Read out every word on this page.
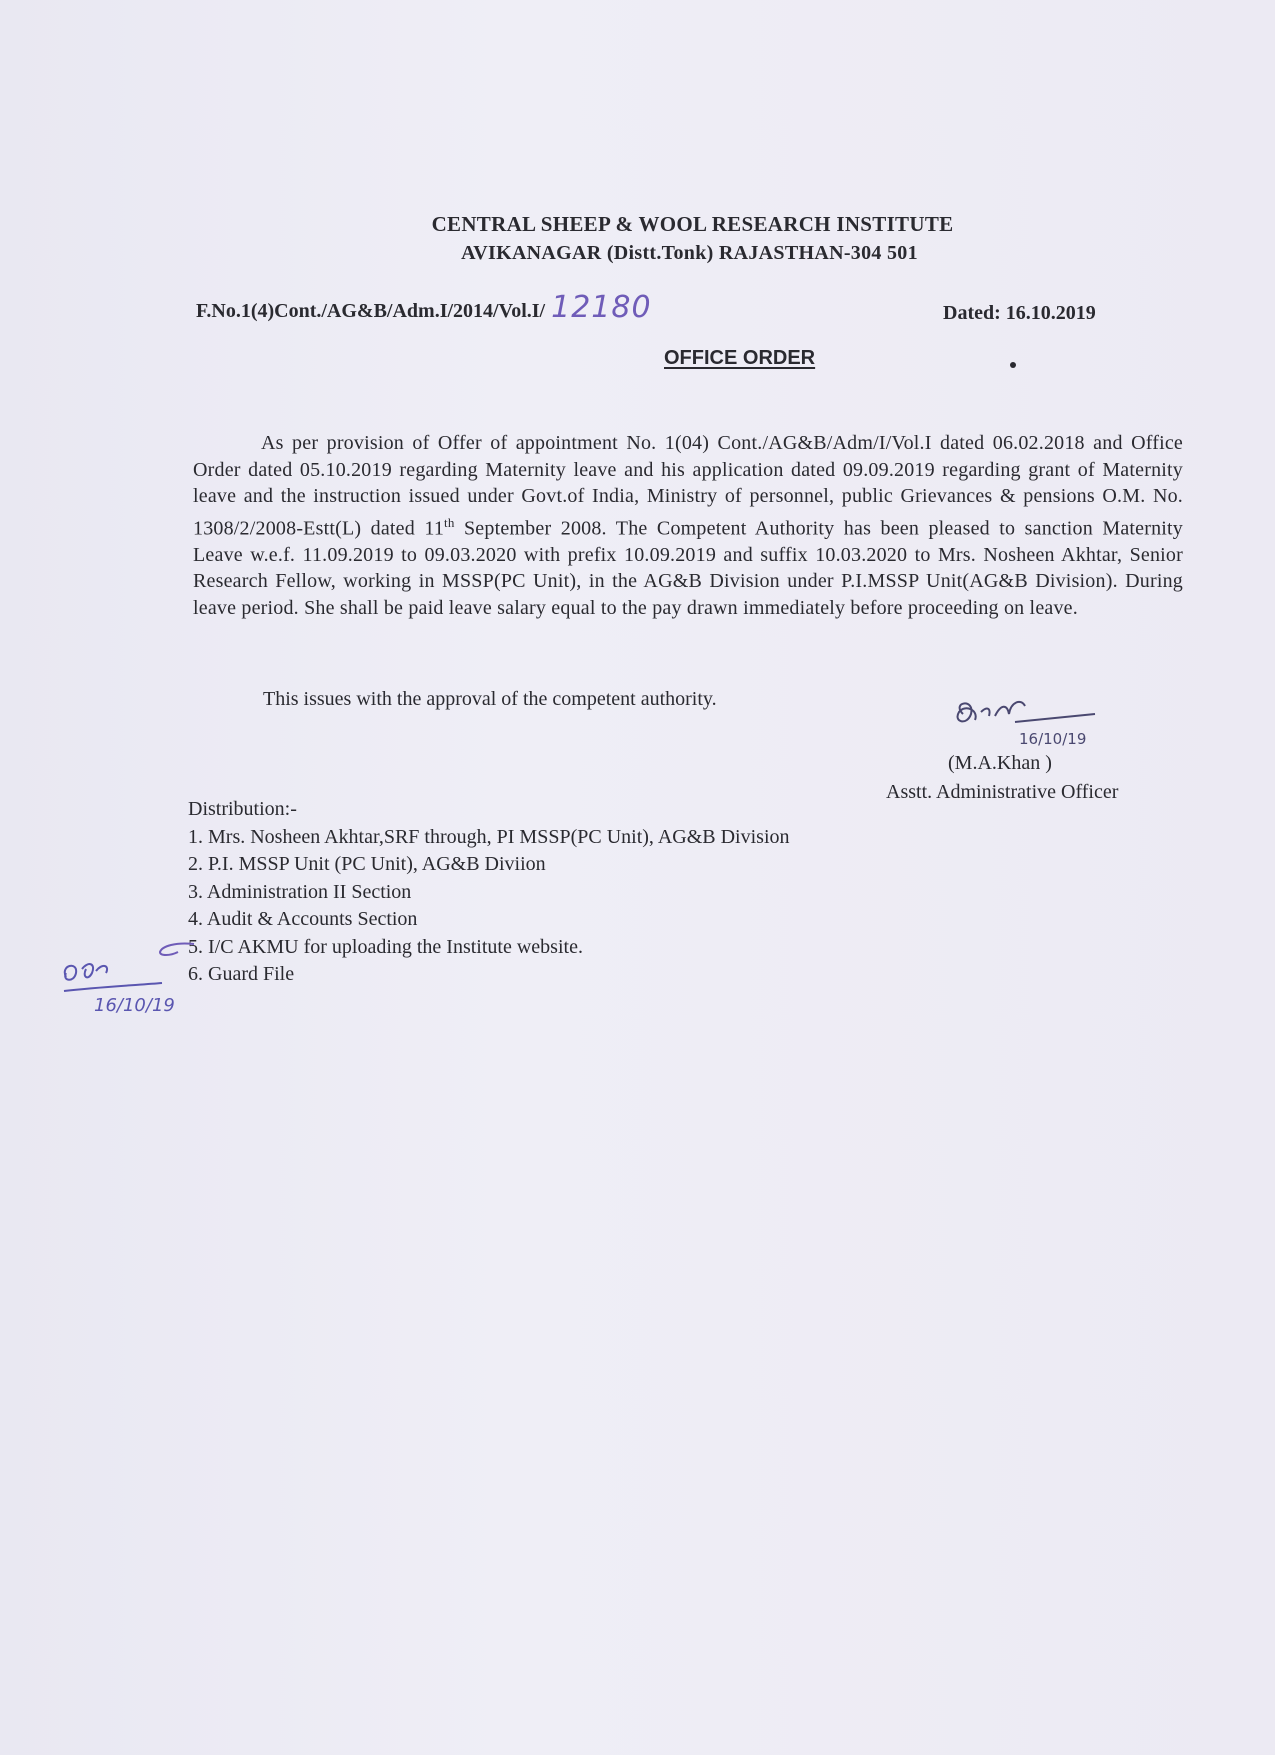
CENTRAL SHEEP & WOOL RESEARCH INSTITUTE
AVIKANAGAR (Distt.Tonk) RAJASTHAN-304 501
F.No.1(4)Cont./AG&B/Adm.I/2014/Vol.I/ 12180	Dated: 16.10.2019
OFFICE ORDER

As per provision of Offer of appointment No. 1(04) Cont./AG&B/Adm/I/Vol.I dated 06.02.2018 and Office Order dated 05.10.2019 regarding Maternity leave and his application dated 09.09.2019 regarding grant of Maternity leave and the instruction issued under Govt.of India, Ministry of personnel, public Grievances & pensions O.M. No. 1308/2/2008-Estt(L) dated 11th September 2008. The Competent Authority has been pleased to sanction Maternity Leave w.e.f. 11.09.2019 to 09.03.2020 with prefix 10.09.2019 and suffix 10.03.2020 to Mrs. Nosheen Akhtar, Senior Research Fellow, working in MSSP(PC Unit), in the AG&B Division under P.I.MSSP Unit(AG&B Division). During leave period. She shall be paid leave salary equal to the pay drawn immediately before proceeding on leave.

This issues with the approval of the competent authority.
16/10/19
(M.A.Khan )
Asstt. Administrative Officer
Distribution:-
1. Mrs. Nosheen Akhtar,SRF through, PI MSSP(PC Unit), AG&B Division
2. P.I. MSSP Unit (PC Unit), AG&B Diviion
3. Administration II Section
4. Audit & Accounts Section
5. I/C AKMU for uploading the Institute website.
6. Guard File
16/10/19
